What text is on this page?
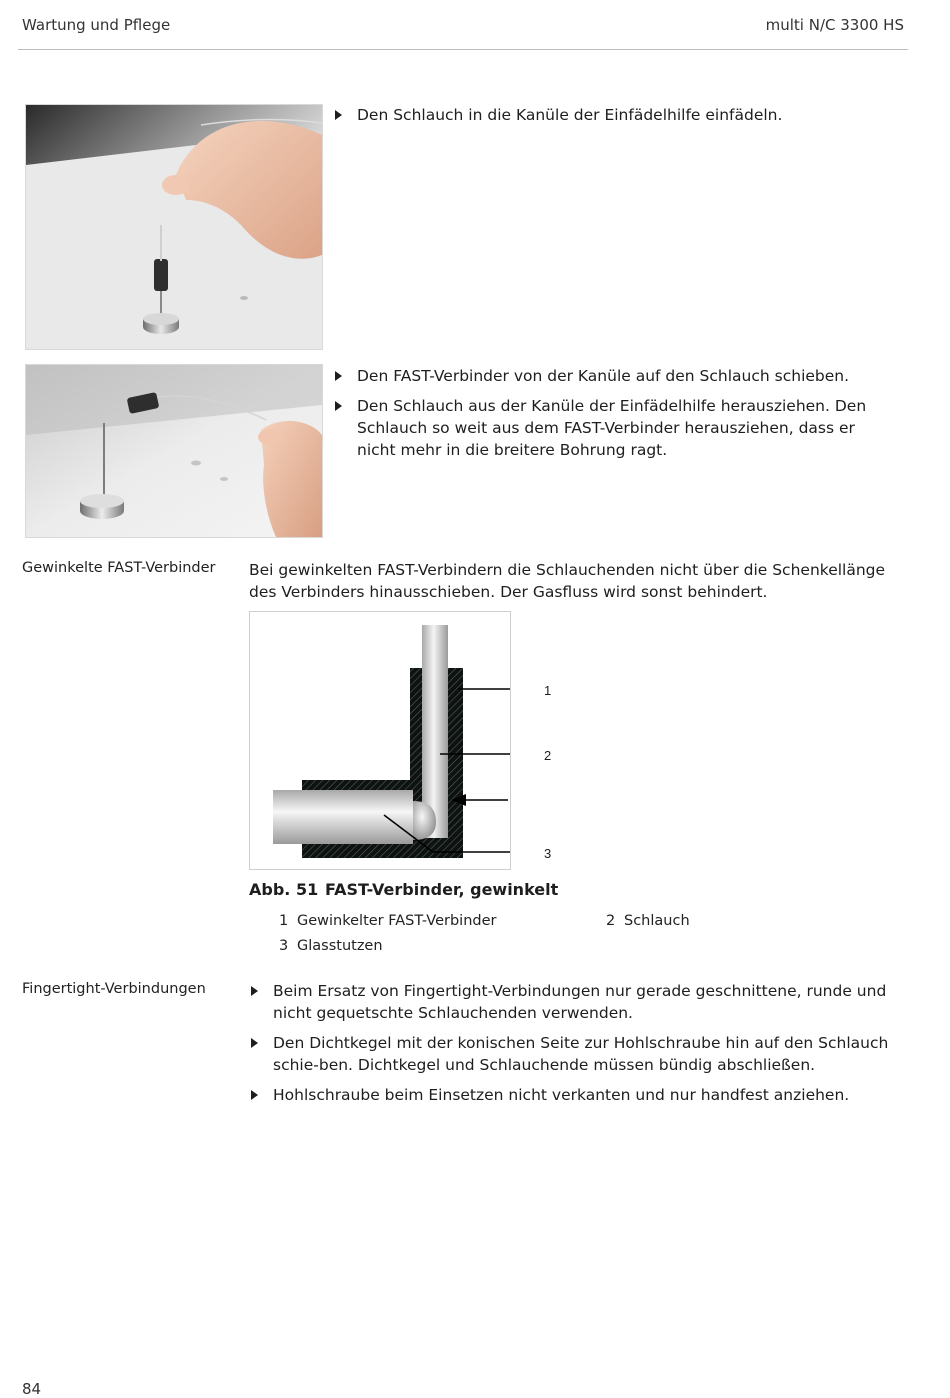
Wartung und Pflege	multi N/C 3300 HS
Den Schlauch in die Kanüle der Einfädelhilfe einfädeln.
Den FAST-Verbinder von der Kanüle auf den Schlauch schieben.
Den Schlauch aus der Kanüle der Einfädelhilfe herausziehen. Den Schlauch so weit aus dem FAST-Verbinder herausziehen, dass er nicht mehr in die breitere Bohrung ragt.
Gewinkelte FAST-Verbinder Bei gewinkelten FAST-Verbindern die Schlauchenden nicht über die Schenkellänge des Verbinders hinausschieben. Der Gasfluss wird sonst behindert.
1
2
3
Abb. 51 FAST-Verbinder, gewinkelt
1 Gewinkelter FAST-Verbinder	2 Schlauch
3 Glasstutzen
Fingertight-Verbindungen	Beim Ersatz von Fingertight-Verbindungen nur gerade geschnittene, runde und nicht gequetschte Schlauchenden verwenden.
Den Dichtkegel mit der konischen Seite zur Hohlschraube hin auf den Schlauch schie-ben. Dichtkegel und Schlauchende müssen bündig abschließen.
Hohlschraube beim Einsetzen nicht verkanten und nur handfest anziehen.
84
